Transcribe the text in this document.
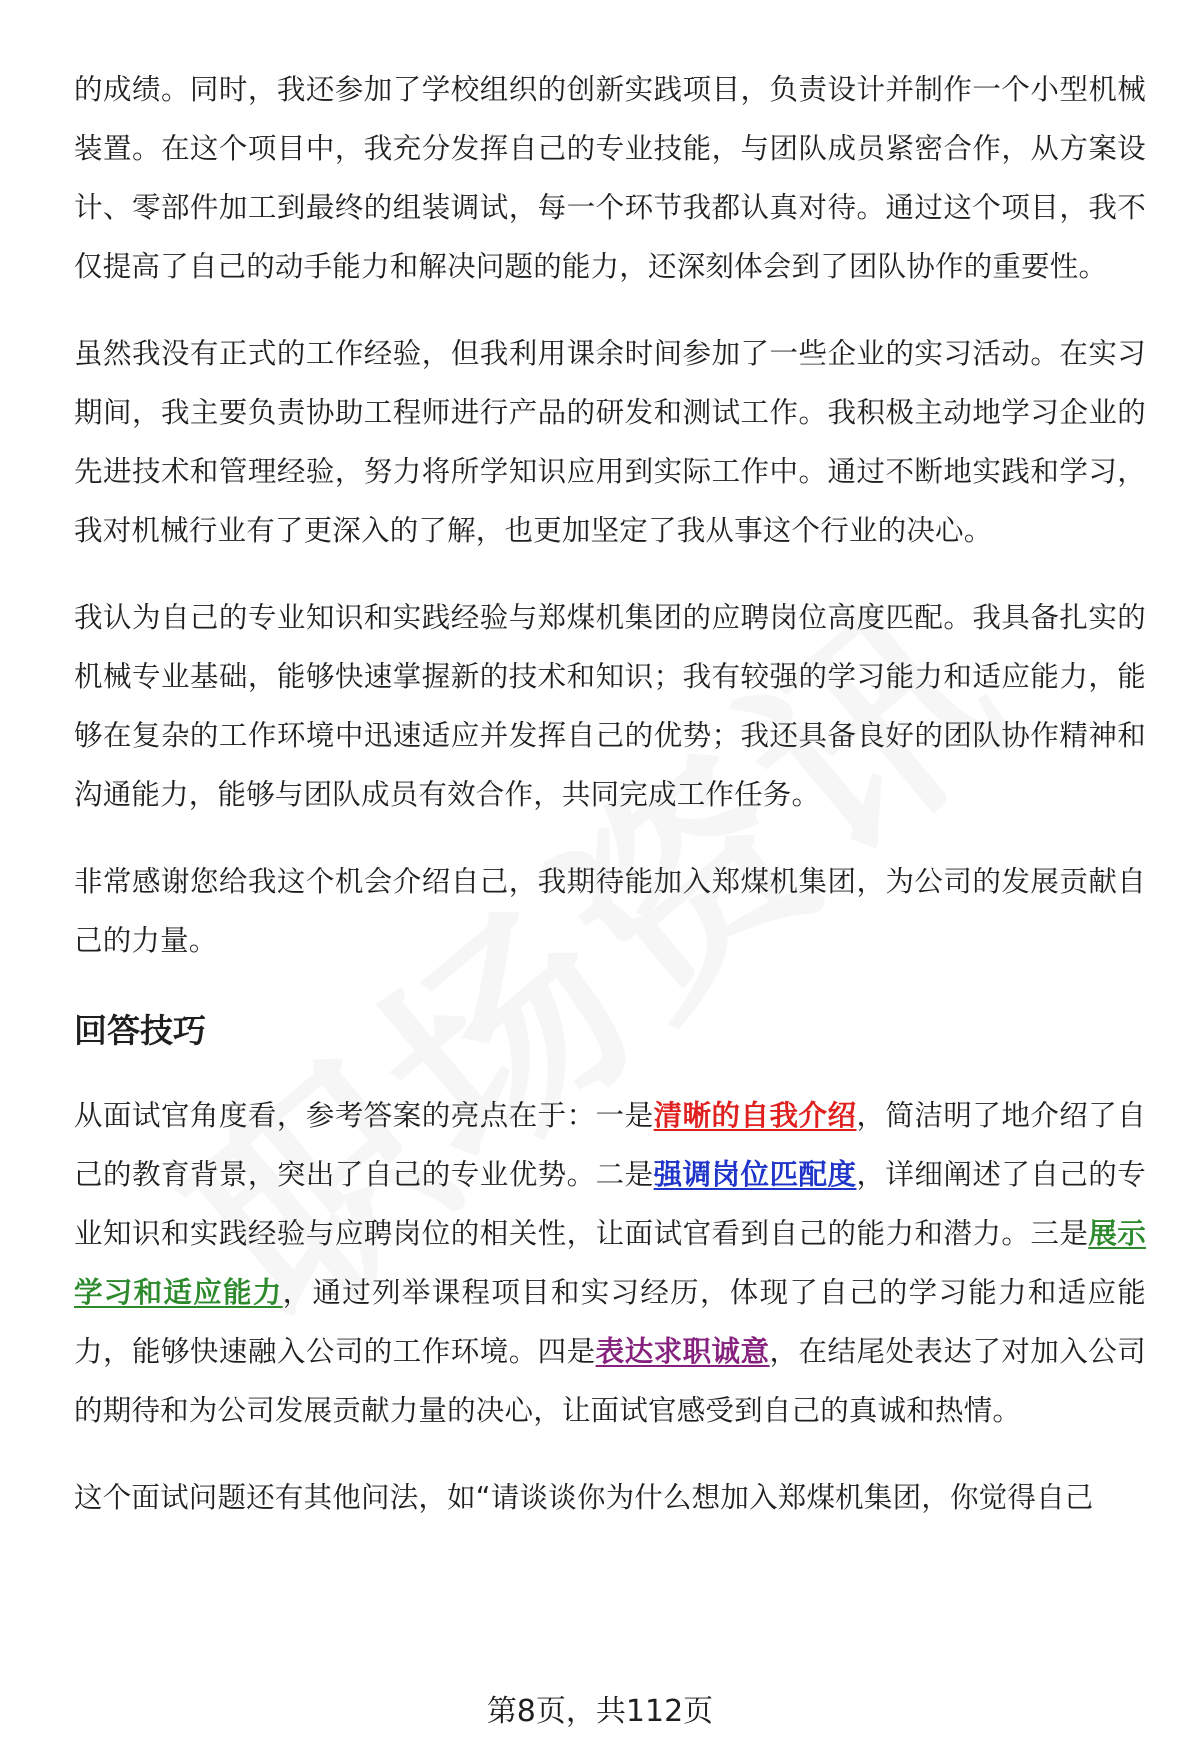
的成绩。同时，我还参加了学校组织的创新实践项目，负责设计并制作一个小型机械装置。在这个项目中，我充分发挥自己的专业技能，与团队成员紧密合作，从方案设计、零部件加工到最终的组装调试，每一个环节我都认真对待。通过这个项目，我不仅提高了自己的动手能力和解决问题的能力，还深刻体会到了团队协作的重要性。

虽然我没有正式的工作经验，但我利用课余时间参加了一些企业的实习活动。在实习期间，我主要负责协助工程师进行产品的研发和测试工作。我积极主动地学习企业的先进技术和管理经验，努力将所学知识应用到实际工作中。通过不断地实践和学习，我对机械行业有了更深入的了解，也更加坚定了我从事这个行业的决心。

我认为自己的专业知识和实践经验与郑煤机集团的应聘岗位高度匹配。我具备扎实的机械专业基础，能够快速掌握新的技术和知识；我有较强的学习能力和适应能力，能够在复杂的工作环境中迅速适应并发挥自己的优势；我还具备良好的团队协作精神和沟通能力，能够与团队成员有效合作，共同完成工作任务。

非常感谢您给我这个机会介绍自己，我期待能加入郑煤机集团，为公司的发展贡献自己的力量。

回答技巧

从面试官角度看，参考答案的亮点在于：一是清晰的自我介绍，简洁明了地介绍了自己的教育背景，突出了自己的专业优势。二是强调岗位匹配度，详细阐述了自己的专业知识和实践经验与应聘岗位的相关性，让面试官看到自己的能力和潜力。三是展示学习和适应能力，通过列举课程项目和实习经历，体现了自己的学习能力和适应能力，能够快速融入公司的工作环境。四是表达求职诚意，在结尾处表达了对加入公司的期待和为公司发展贡献力量的决心，让面试官感受到自己的真诚和热情。

这个面试问题还有其他问法，如“请谈谈你为什么想加入郑煤机集团，你觉得自己

第8页，共112页
